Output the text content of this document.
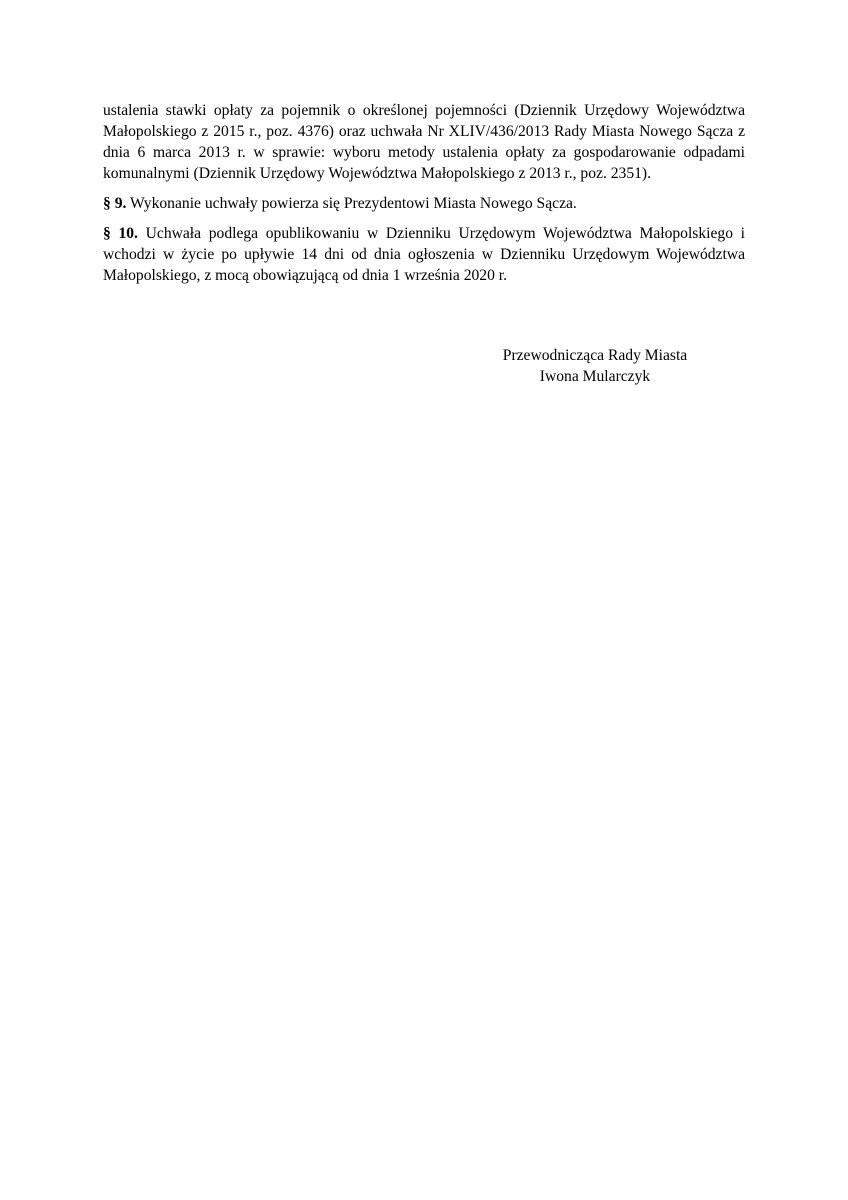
ustalenia stawki opłaty za pojemnik o określonej pojemności (Dziennik Urzędowy Województwa Małopolskiego z 2015 r., poz. 4376) oraz uchwała Nr XLIV/436/2013 Rady Miasta Nowego Sącza z dnia 6 marca 2013 r. w sprawie: wyboru metody ustalenia opłaty za gospodarowanie odpadami komunalnymi (Dziennik Urzędowy Województwa Małopolskiego z 2013 r., poz. 2351).

§ 9. Wykonanie uchwały powierza się Prezydentowi Miasta Nowego Sącza.

§ 10. Uchwała podlega opublikowaniu w Dzienniku Urzędowym Województwa Małopolskiego i wchodzi w życie po upływie 14 dni od dnia ogłoszenia w Dzienniku Urzędowym Województwa Małopolskiego, z mocą obowiązującą od dnia 1 września 2020 r.

Przewodnicząca Rady Miasta
Iwona Mularczyk
